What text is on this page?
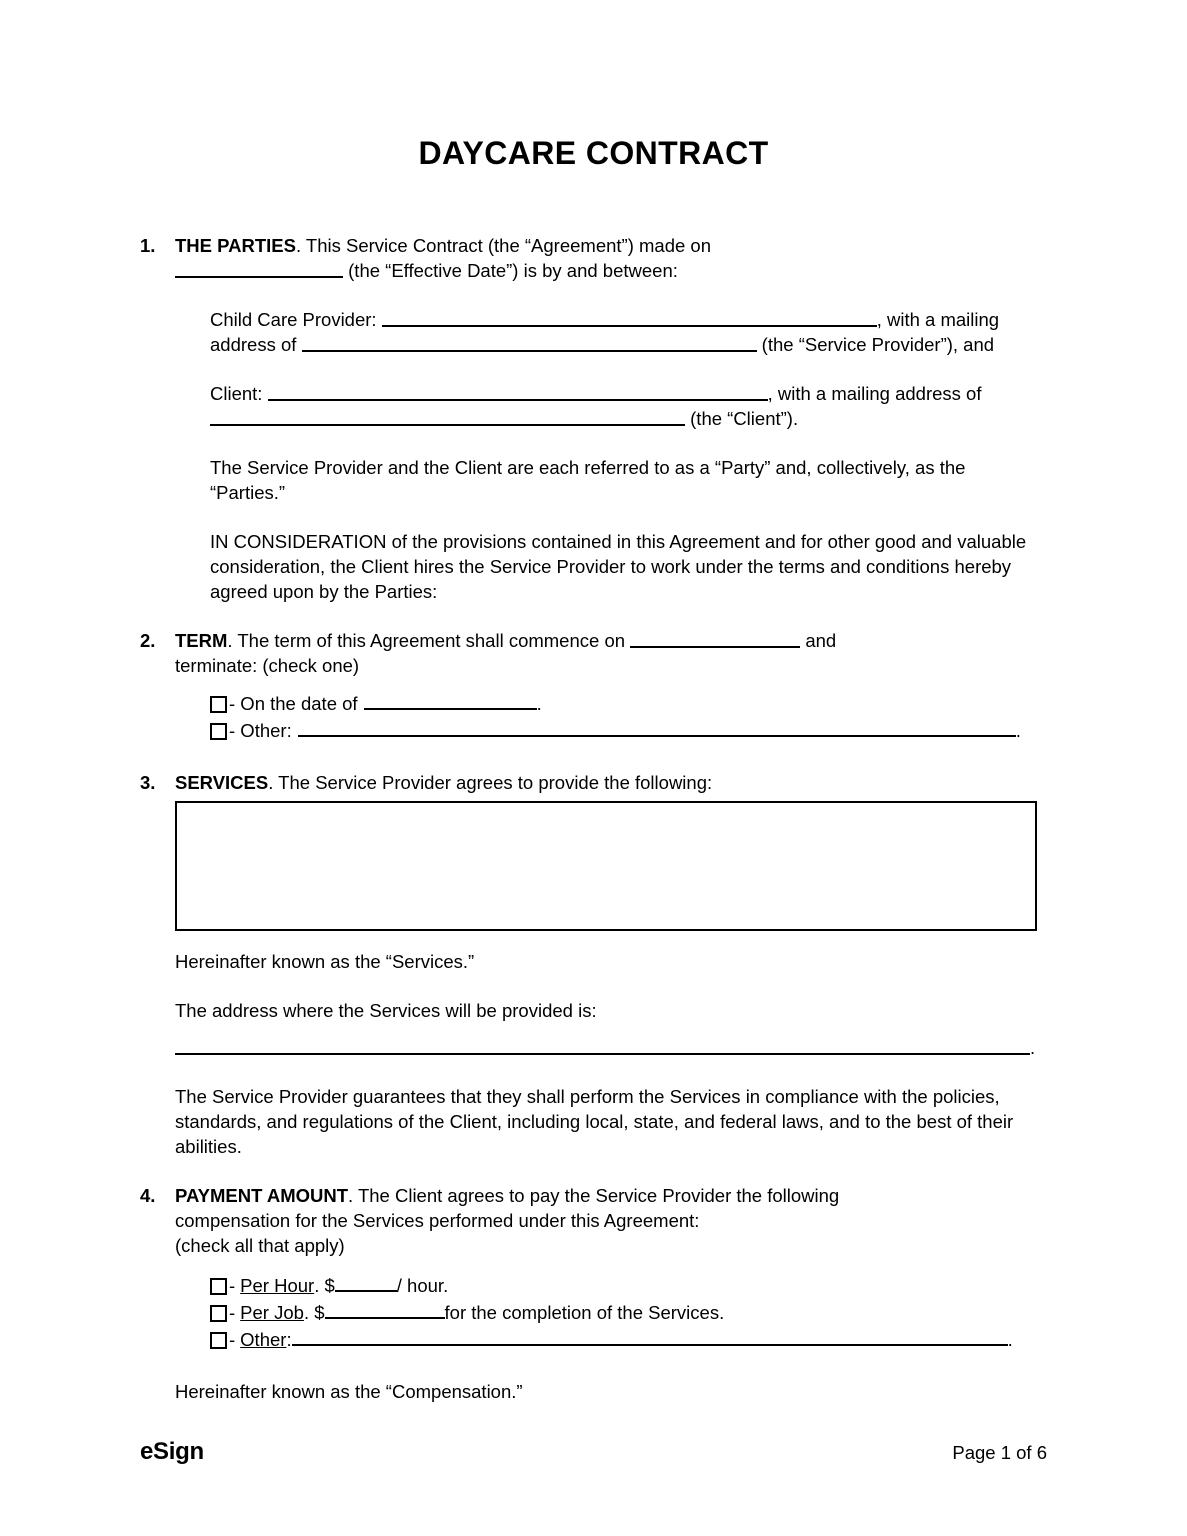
DAYCARE CONTRACT
1. THE PARTIES. This Service Contract (the “Agreement”) made on

(the “Effective Date”) is by and between:

Child Care Provider:	, with a mailing

address of	(the “Service Provider”), and

Client:	, with a mailing address of

(the “Client”).

The Service Provider and the Client are each referred to as a “Party” and, collectively, as the “Parties.”

IN CONSIDERATION of the provisions contained in this Agreement and for other good and valuable consideration, the Client hires the Service Provider to work under the terms and conditions hereby agreed upon by the Parties:

2. TERM. The term of this Agreement shall commence on	and

terminate: (check one)

- On the date of	.
- Other:	.
3. SERVICES. The Service Provider agrees to provide the following:

Hereinafter known as the “Services.”

The address where the Services will be provided is:

.

The Service Provider guarantees that they shall perform the Services in compliance with the policies, standards, and regulations of the Client, including local, state, and federal laws, and to the best of their abilities.

4. PAYMENT AMOUNT. The Client agrees to pay the Service Provider the following

compensation for the Services performed under this Agreement:

(check all that apply)

- Per Hour . $	/ hour.
- Per Job . $	for the completion of the Services.
- Other :	.

Hereinafter known as the “Compensation.”

eSign	Page 1 of 6
